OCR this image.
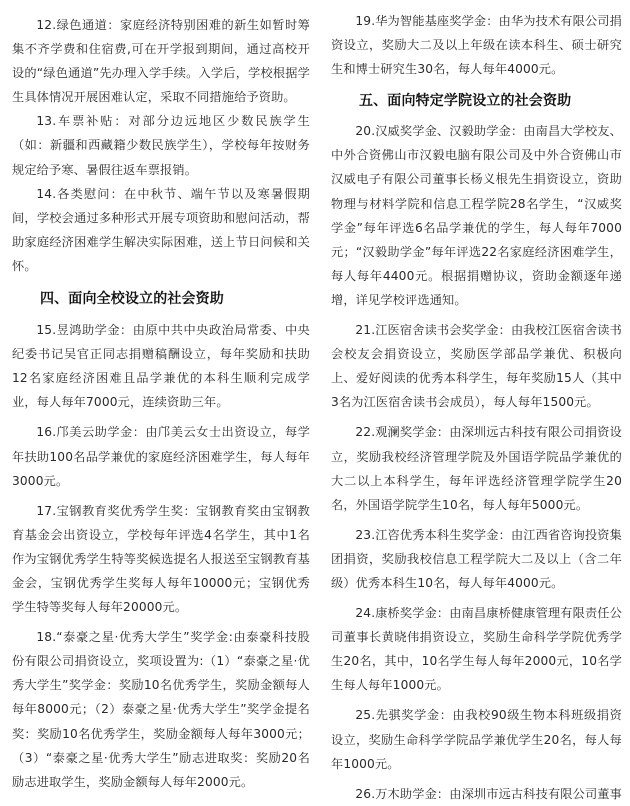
12.绿色通道：家庭经济特别困难的新生如暂时筹集不齐学费和住宿费,可在开学报到期间，通过高校开设的“绿色通道”先办理入学手续。入学后，学校根据学生具体情况开展困难认定，采取不同措施给予资助。

13.车票补贴：对部分边远地区少数民族学生（如：新疆和西藏籍少数民族学生），学校每年按财务规定给予寒、暑假往返车票报销。

14.各类慰问：在中秋节、端午节以及寒暑假期间，学校会通过多种形式开展专项资助和慰问活动，帮助家庭经济困难学生解决实际困难，送上节日问候和关怀。

四、面向全校设立的社会资助

15.昱鸿助学金：由原中共中央政治局常委、中央纪委书记吴官正同志捐赠稿酬设立，每年奖励和扶助12名家庭经济困难且品学兼优的本科生顺利完成学业，每人每年7000元，连续资助三年。

16.邝美云助学金：由邝美云女士出资设立，每学年扶助100名品学兼优的家庭经济困难学生，每人每年3000元。

17.宝钢教育奖优秀学生奖：宝钢教育奖由宝钢教育基金会出资设立，学校每年评选4名学生，其中1名作为宝钢优秀学生特等奖候选提名人报送至宝钢教育基金会，宝钢优秀学生奖每人每年10000元；宝钢优秀学生特等奖每人每年20000元。

18.“泰豪之星·优秀大学生”奖学金:由泰豪科技股份有限公司捐资设立，奖项设置为:（1）“泰豪之星·优秀大学生”奖学金：奖励10名优秀学生，奖励金额每人每年8000元；（2）泰豪之星·优秀大学生”奖学金提名奖：奖励10名优秀学生，奖励金额每人每年3000元；（3）“泰豪之星·优秀大学生”励志进取奖：奖励20名励志进取学生，奖励金额每人每年2000元。

19.华为智能基座奖学金：由华为技术有限公司捐资设立，奖励大二及以上年级在读本科生、硕士研究生和博士研究生30名，每人每年4000元。

五、面向特定学院设立的社会资助

20.汉威奖学金、汉毅助学金：由南昌大学校友、中外合资佛山市汉毅电脑有限公司及中外合资佛山市汉威电子有限公司董事长杨义根先生捐资设立，资助物理与材料学院和信息工程学院28名学生，“汉威奖学金”每年评选6名品学兼优的学生，每人每年7000元；“汉毅助学金”每年评选22名家庭经济困难学生，每人每年4400元。根据捐赠协议，资助金额逐年递增，详见学校评选通知。

21.江医宿舍读书会奖学金：由我校江医宿舍读书会校友会捐资设立，奖励医学部品学兼优、积极向上、爱好阅读的优秀本科学生，每年奖励15人（其中3名为江医宿舍读书会成员），每人每年1500元。

22.观澜奖学金：由深圳远古科技有限公司捐资设立，奖励我校经济管理学院及外国语学院品学兼优的大二以上本科学生，每年评选经济管理学院学生20名，外国语学院学生10名，每人每年5000元。

23.江咨优秀本科生奖学金：由江西省咨询投资集团捐资，奖励我校信息工程学院大二及以上（含二年级）优秀本科生10名，每人每年4000元。

24.康桥奖学金：由南昌康桥健康管理有限责任公司董事长黄晓伟捐资设立，奖励生命科学学院优秀学生20名，其中，10名学生每人每年2000元，10名学生每人每年1000元。

25.先骐奖学金：由我校90级生物本科班级捐资设立，奖励生命科学学院品学兼优学生20名，每人每年1000元。

26.万木助学金：由深圳市远古科技有限公司董事
